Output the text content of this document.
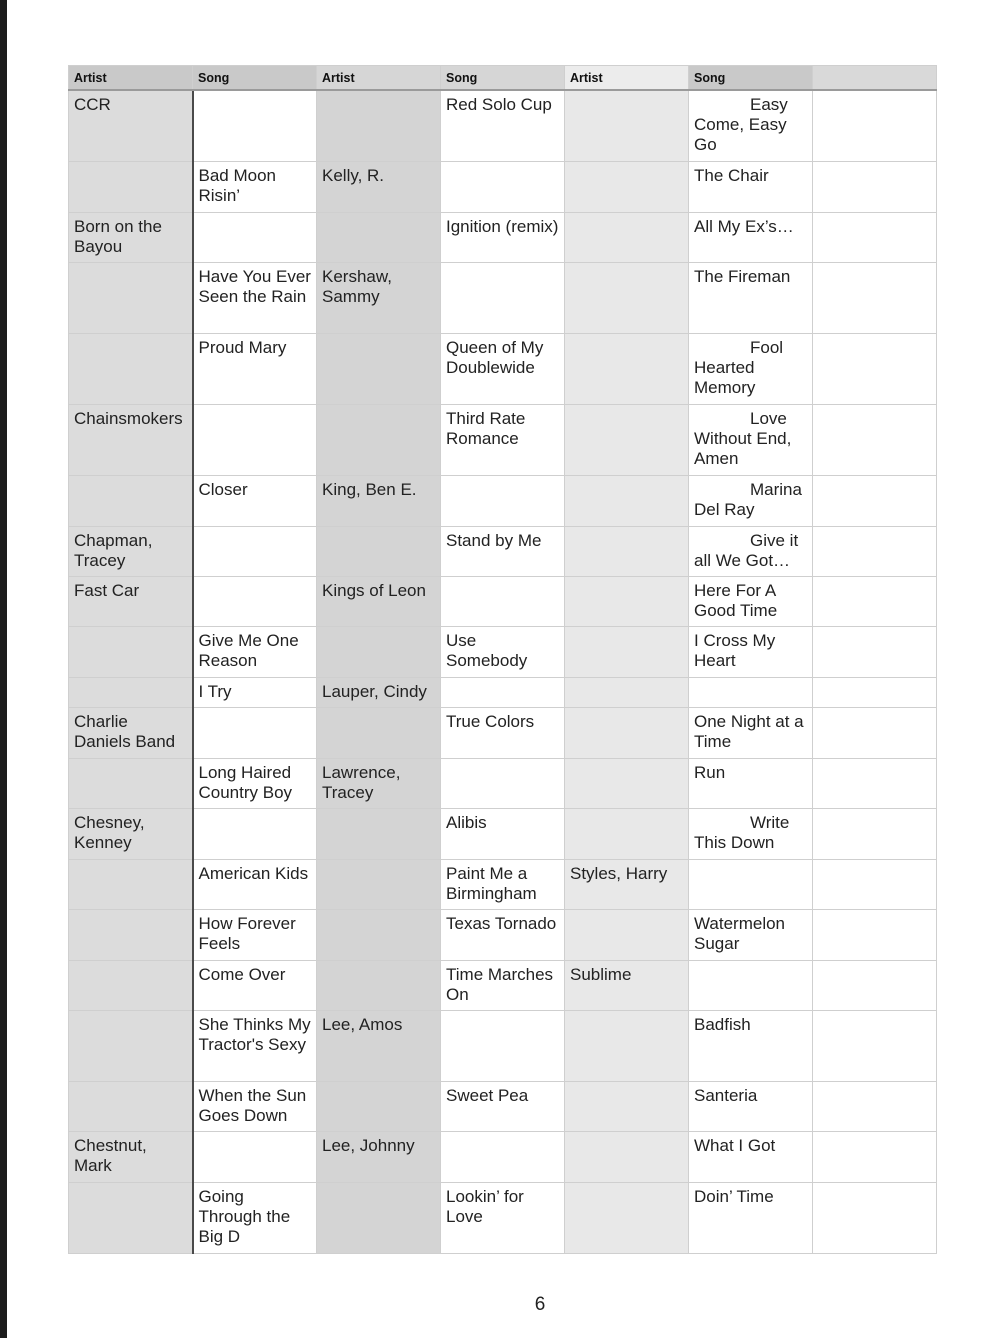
Artist	Song	Artist	Song	Artist	Song	
CCR			Red Solo Cup		Easy Come, Easy Go	
	Bad Moon Risin’	Kelly, R.			The Chair	
Born on the Bayou			Ignition (remix)		All My Ex’s…	
	Have You Ever Seen the Rain	Kershaw, Sammy			The Fireman	
	Proud Mary		Queen of My Doublewide		Fool Hearted Memory	
Chainsmokers			Third Rate Romance		Love Without End, Amen	
	Closer	King, Ben E.			Marina Del Ray	
Chapman, Tracey			Stand by Me		Give it all We Got…	
Fast Car		Kings of Leon			Here For A Good Time	
	Give Me One Reason		Use Somebody		I Cross My Heart	
	I Try	Lauper, Cindy				
Charlie Daniels Band			True Colors		One Night at a Time	
	Long Haired Country Boy	Lawrence, Tracey			Run	
Chesney, Kenney			Alibis		Write This Down	
	American Kids		Paint Me a Birmingham	Styles, Harry		
	How Forever Feels		Texas Tornado		Watermelon Sugar	
	Come Over		Time Marches On	Sublime		
	She Thinks My Tractor's Sexy	Lee, Amos			Badfish	
	When the Sun Goes Down		Sweet Pea		Santeria	
Chestnut, Mark		Lee, Johnny			What I Got	
	Going Through the Big D		Lookin’ for Love		Doin’ Time	
6
